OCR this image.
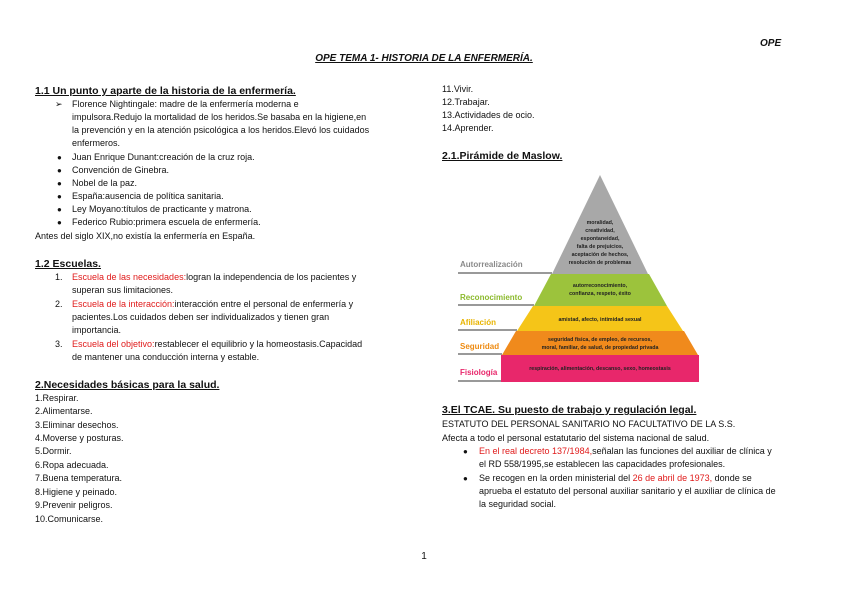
OPE
OPE TEMA 1- HISTORIA DE LA ENFERMERÍA.
1.1 Un punto y aparte de la historia de la enfermería.
➢ Florence Nightingale: madre de la enfermería moderna e
impulsora.Redujo la mortalidad de los heridos.Se basaba en la higiene,en
la prevención y en la atención psicológica a los heridos.Elevó los cuidados
enfermeros.
● Juan Enrique Dunant:creación de la cruz roja.
● Convención de Ginebra.
● Nobel de la paz.
● España:ausencia de política sanitaria.
● Ley Moyano:títulos de practicante y matrona.
● Federico Rubio:primera escuela de enfermería.
Antes del siglo XIX,no existía la enfermería en España.
1.2 Escuelas.
1. Escuela de las necesidades:logran la independencia de los pacientes y
superan sus limitaciones.
2. Escuela de la interacción:interacción entre el personal de enfermería y
pacientes.Los cuidados deben ser individualizados y tienen gran
importancia.
3. Escuela del objetivo:restablecer el equilibrio y la homeostasis.Capacidad
de mantener una conducción interna y estable.
2.Necesidades básicas para la salud.
1.Respirar.
2.Alimentarse.
3.Eliminar desechos.
4.Moverse y posturas.
5.Dormir.
6.Ropa adecuada.
7.Buena temperatura.
8.Higiene y peinado.
9.Prevenir peligros.
10.Comunicarse.
11.Vivir.
12.Trabajar.
13.Actividades de ocio.
14.Aprender.
2.1.Pirámide de Maslow.
Autorrealización
Reconocimiento
Afiliación
Seguridad
Fisiología
moralidad,
creatividad,
espontaneidad,
falta de prejuicios,
aceptación de hechos,
resolución de problemas
autorreconocimiento,
confianza, respeto, éxito
amistad, afecto, intimidad sexual
seguridad física, de empleo, de recursos,
moral, familiar, de salud, de propiedad privada
respiración, alimentación, descanso, sexo, homeostasis
3.El TCAE. Su puesto de trabajo y regulación legal.
ESTATUTO DEL PERSONAL SANITARIO NO FACULTATIVO DE LA S.S.
Afecta a todo el personal estatutario del sistema nacional de salud.
● En el real decreto 137/1984,señalan las funciones del auxiliar de clínica y
el RD 558/1995,se establecen las capacidades profesionales.
● Se recogen en la orden ministerial del 26 de abril de 1973, donde se
aprueba el estatuto del personal auxiliar sanitario y el auxiliar de clínica de
la seguridad social.
1
